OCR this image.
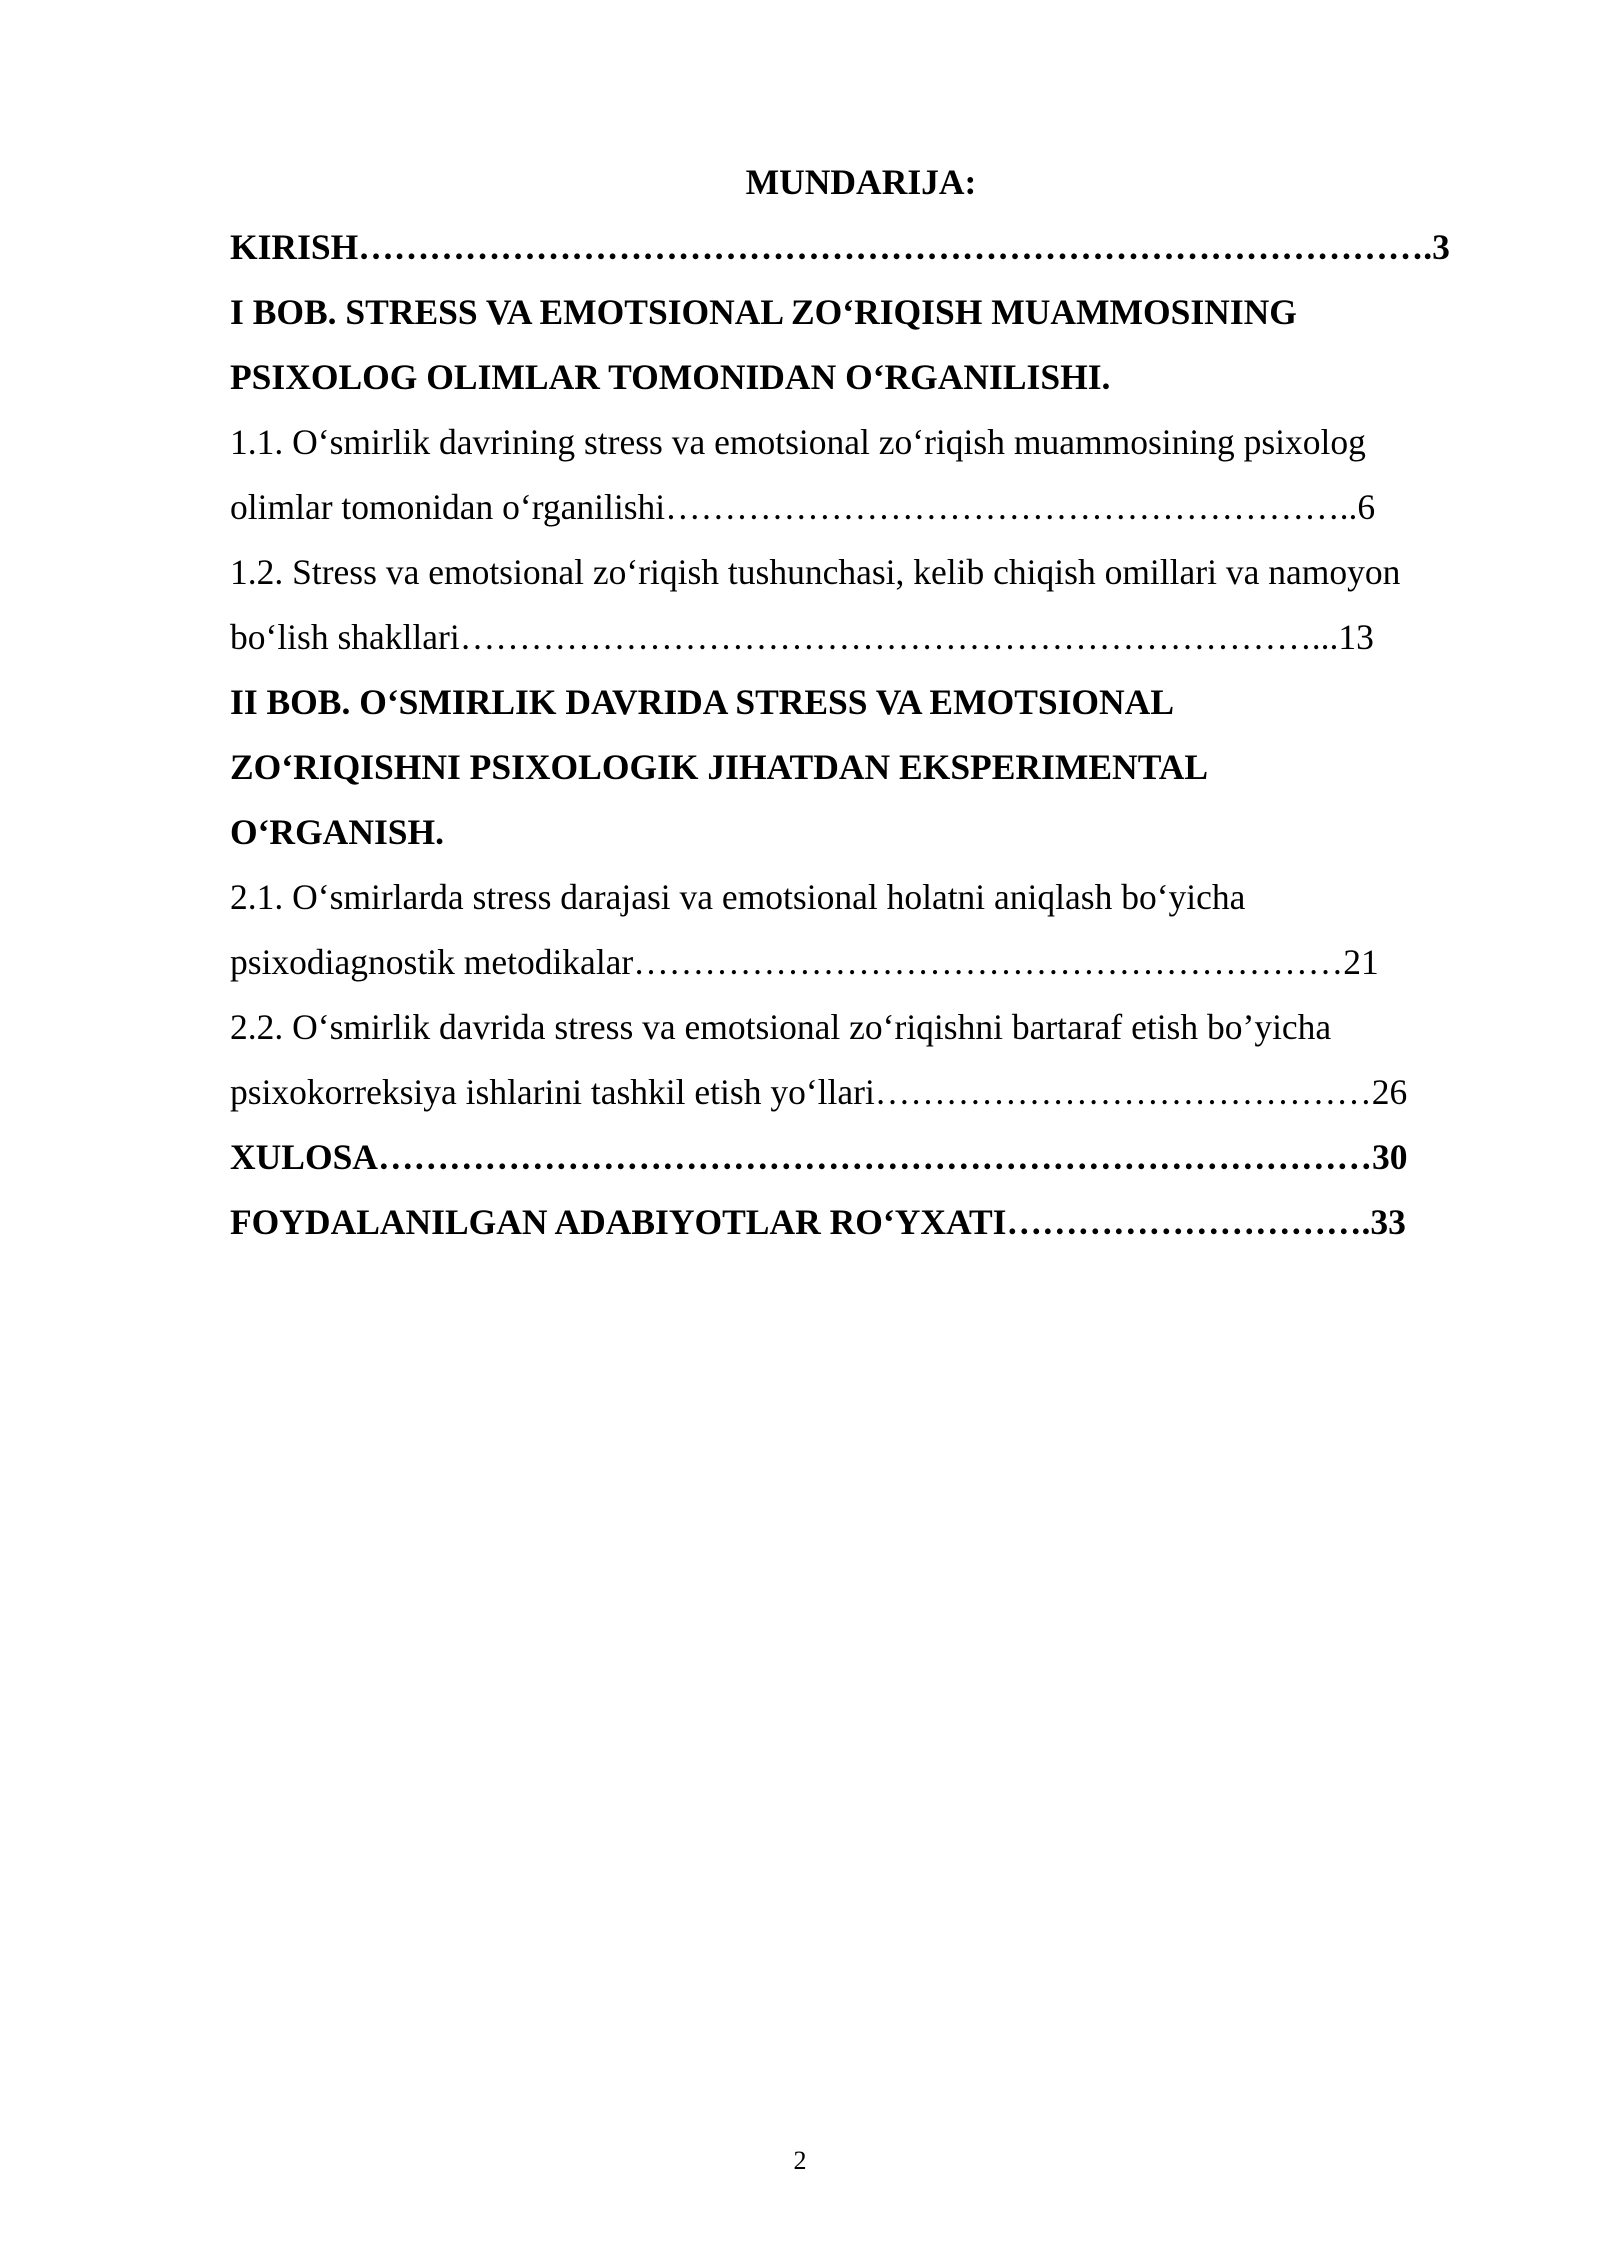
MUNDARIJA:
KIRISH……………………………………………………………………………….3
I BOB. STRESS VA EMOTSIONAL ZO‘RIQISH MUAMMOSINING
PSIXOLOG OLIMLAR TOMONIDAN O‘RGANILISHI.
1.1. O‘smirlik davrining stress va emotsional zo‘riqish muammosining psixolog
olimlar tomonidan o‘rganilishi…………………………………………………..6
1.2. Stress va emotsional zo‘riqish tushunchasi, kelib chiqish omillari va namoyon
bo‘lish shakllari………………………………………………………………...13
II BOB. O‘SMIRLIK DAVRIDA STRESS VA EMOTSIONAL
ZO‘RIQISHNI PSIXOLOGIK JIHATDAN EKSPERIMENTAL
O‘RGANISH.
2.1. O‘smirlarda stress darajasi va emotsional holatni aniqlash bo‘yicha
psixodiagnostik metodikalar……………………………………………………21
2.2. O‘smirlik davrida stress va emotsional zo‘riqishni bartaraf etish bo’yicha
psixokorreksiya ishlarini tashkil etish yo‘llari……………………………………26
XULOSA…………………………………………………………………………30
FOYDALANILGAN ADABIYOTLAR RO‘YXATI………………………….33
2
